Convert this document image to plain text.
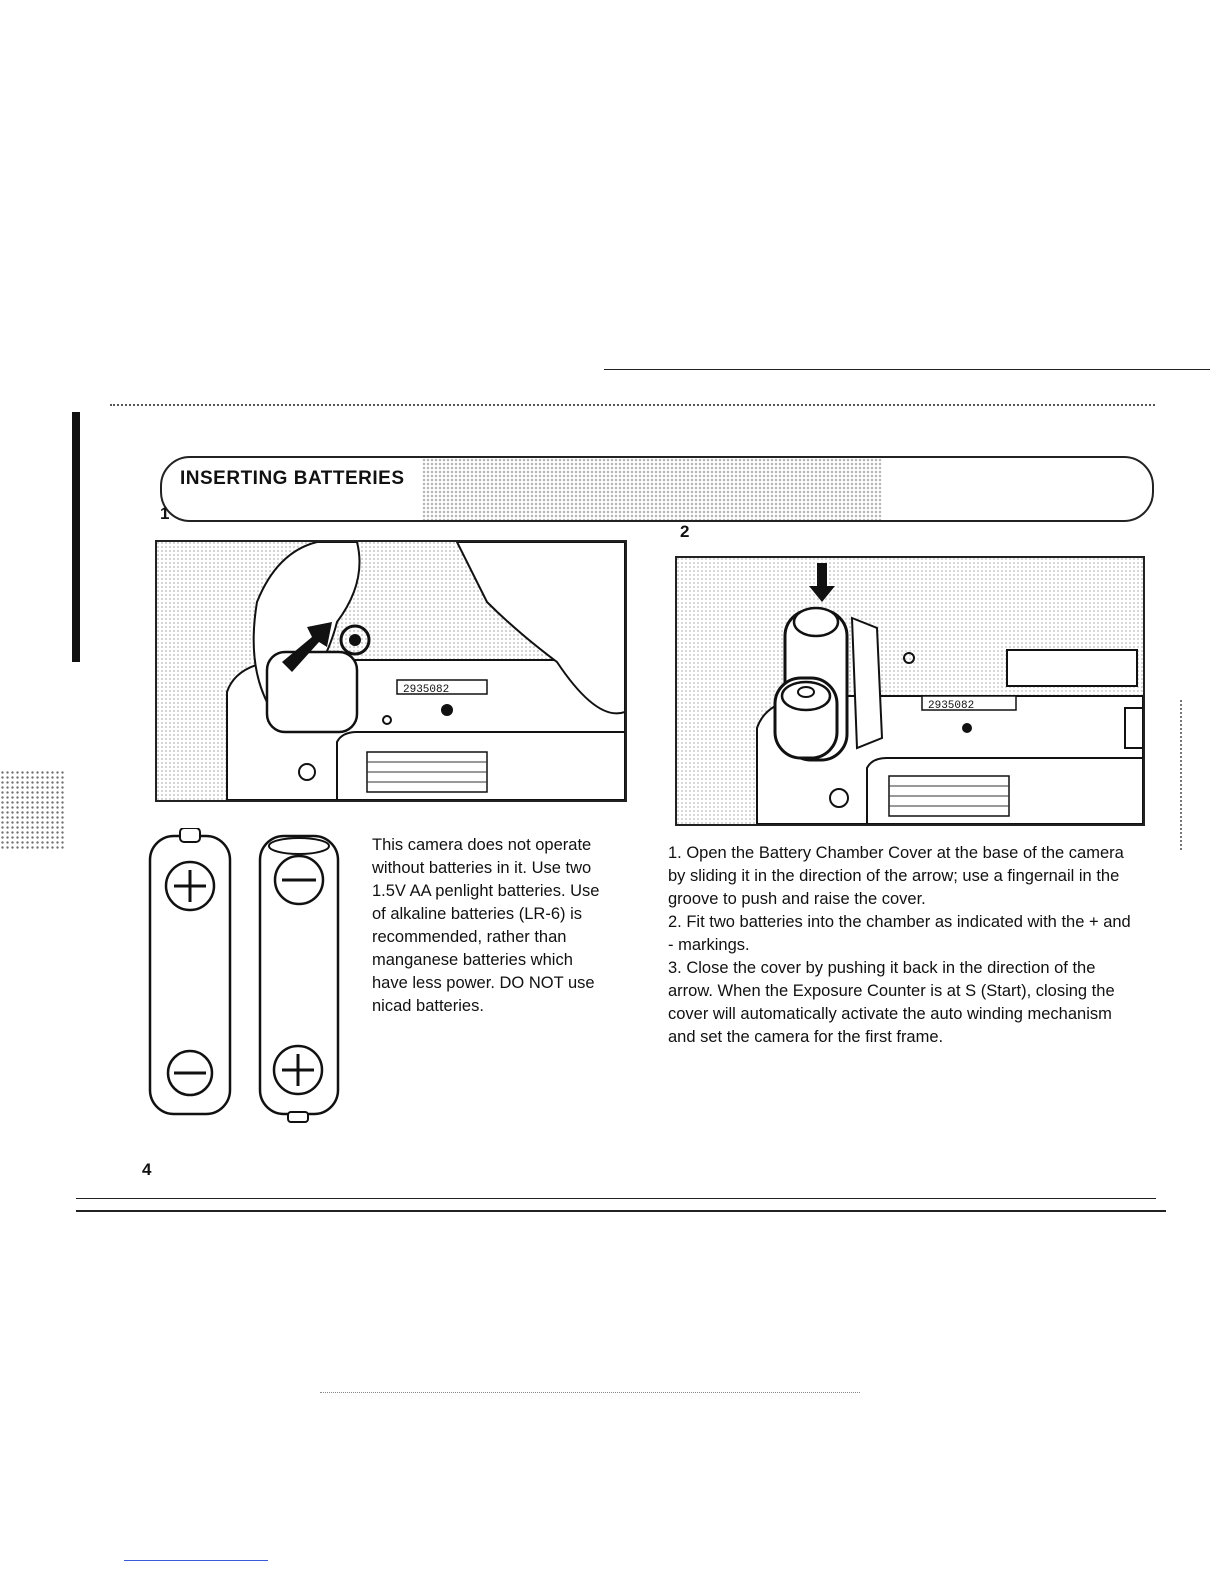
INSERTING BATTERIES
1
2
2935082
2935082

This camera does not operate without batteries in it. Use two 1.5V AA penlight batteries. Use of alkaline batteries (LR-6) is recommended, rather than manganese batteries which have less power. DO NOT use nicad batteries.

1. Open the Battery Chamber Cover at the base of the camera by sliding it in the direction of the arrow; use a fingernail in the groove to push and raise the cover.

2. Fit two batteries into the chamber as indicated with the + and - markings.

3. Close the cover by pushing it back in the direction of the arrow. When the Exposure Counter is at S (Start), closing the cover will automatically activate the auto winding mechanism and set the camera for the first frame.

4
